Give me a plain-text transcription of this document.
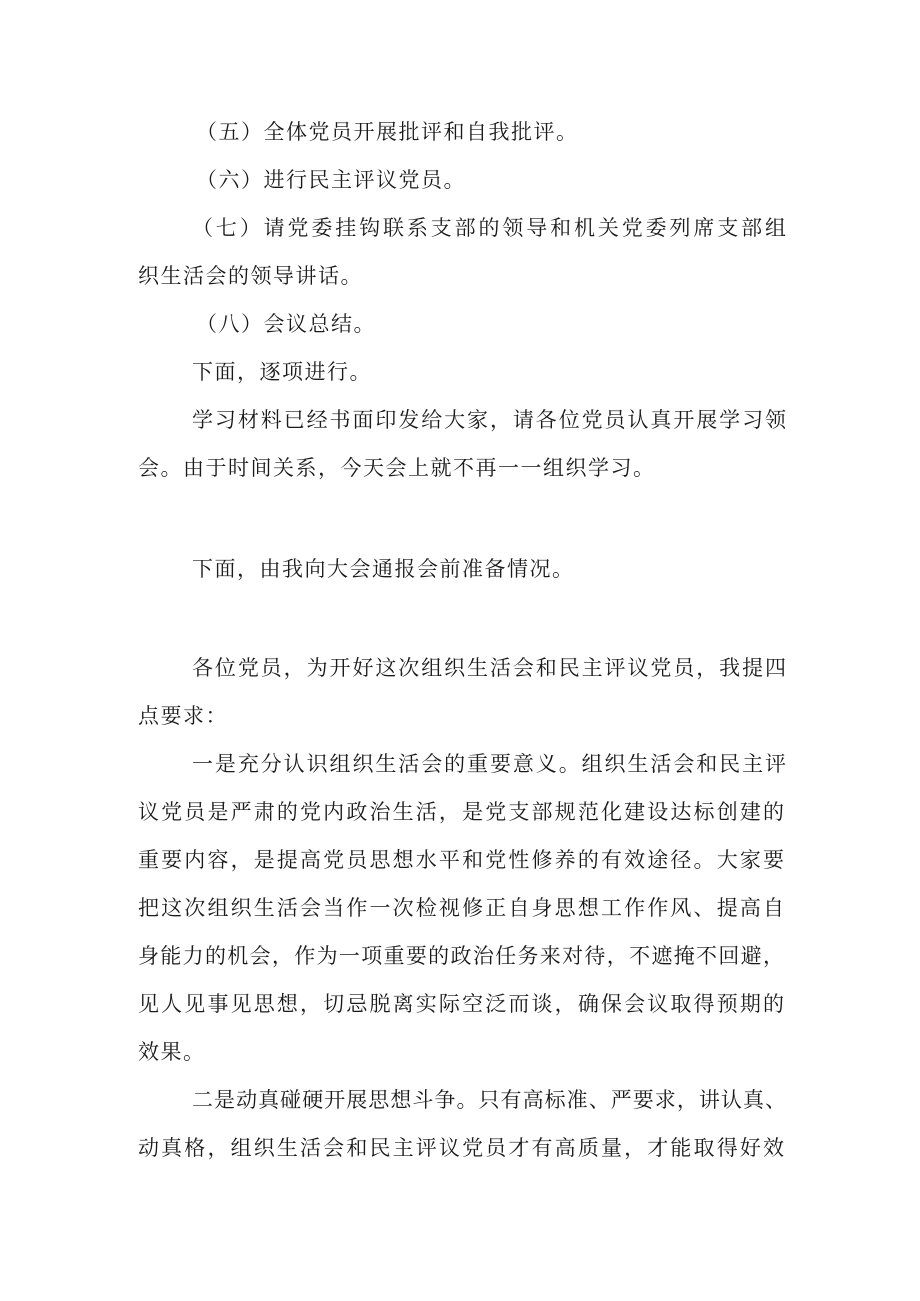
（五）全体党员开展批评和自我批评。

（六）进行民主评议党员。

（七）请党委挂钩联系支部的领导和机关党委列席支部组

织生活会的领导讲话。

（八）会议总结。

下面，逐项进行。

学习材料已经书面印发给大家，请各位党员认真开展学习领

会。由于时间关系，今天会上就不再一一组织学习。

下面，由我向大会通报会前准备情况。

各位党员，为开好这次组织生活会和民主评议党员，我提四

点要求：

一是充分认识组织生活会的重要意义。组织生活会和民主评

议党员是严肃的党内政治生活，是党支部规范化建设达标创建的

重要内容，是提高党员思想水平和党性修养的有效途径。大家要

把这次组织生活会当作一次检视修正自身思想工作作风、提高自

身能力的机会，作为一项重要的政治任务来对待，不遮掩不回避，

见人见事见思想，切忌脱离实际空泛而谈，确保会议取得预期的

效果。

二是动真碰硬开展思想斗争。只有高标准、严要求，讲认真、

动真格，组织生活会和民主评议党员才有高质量，才能取得好效
